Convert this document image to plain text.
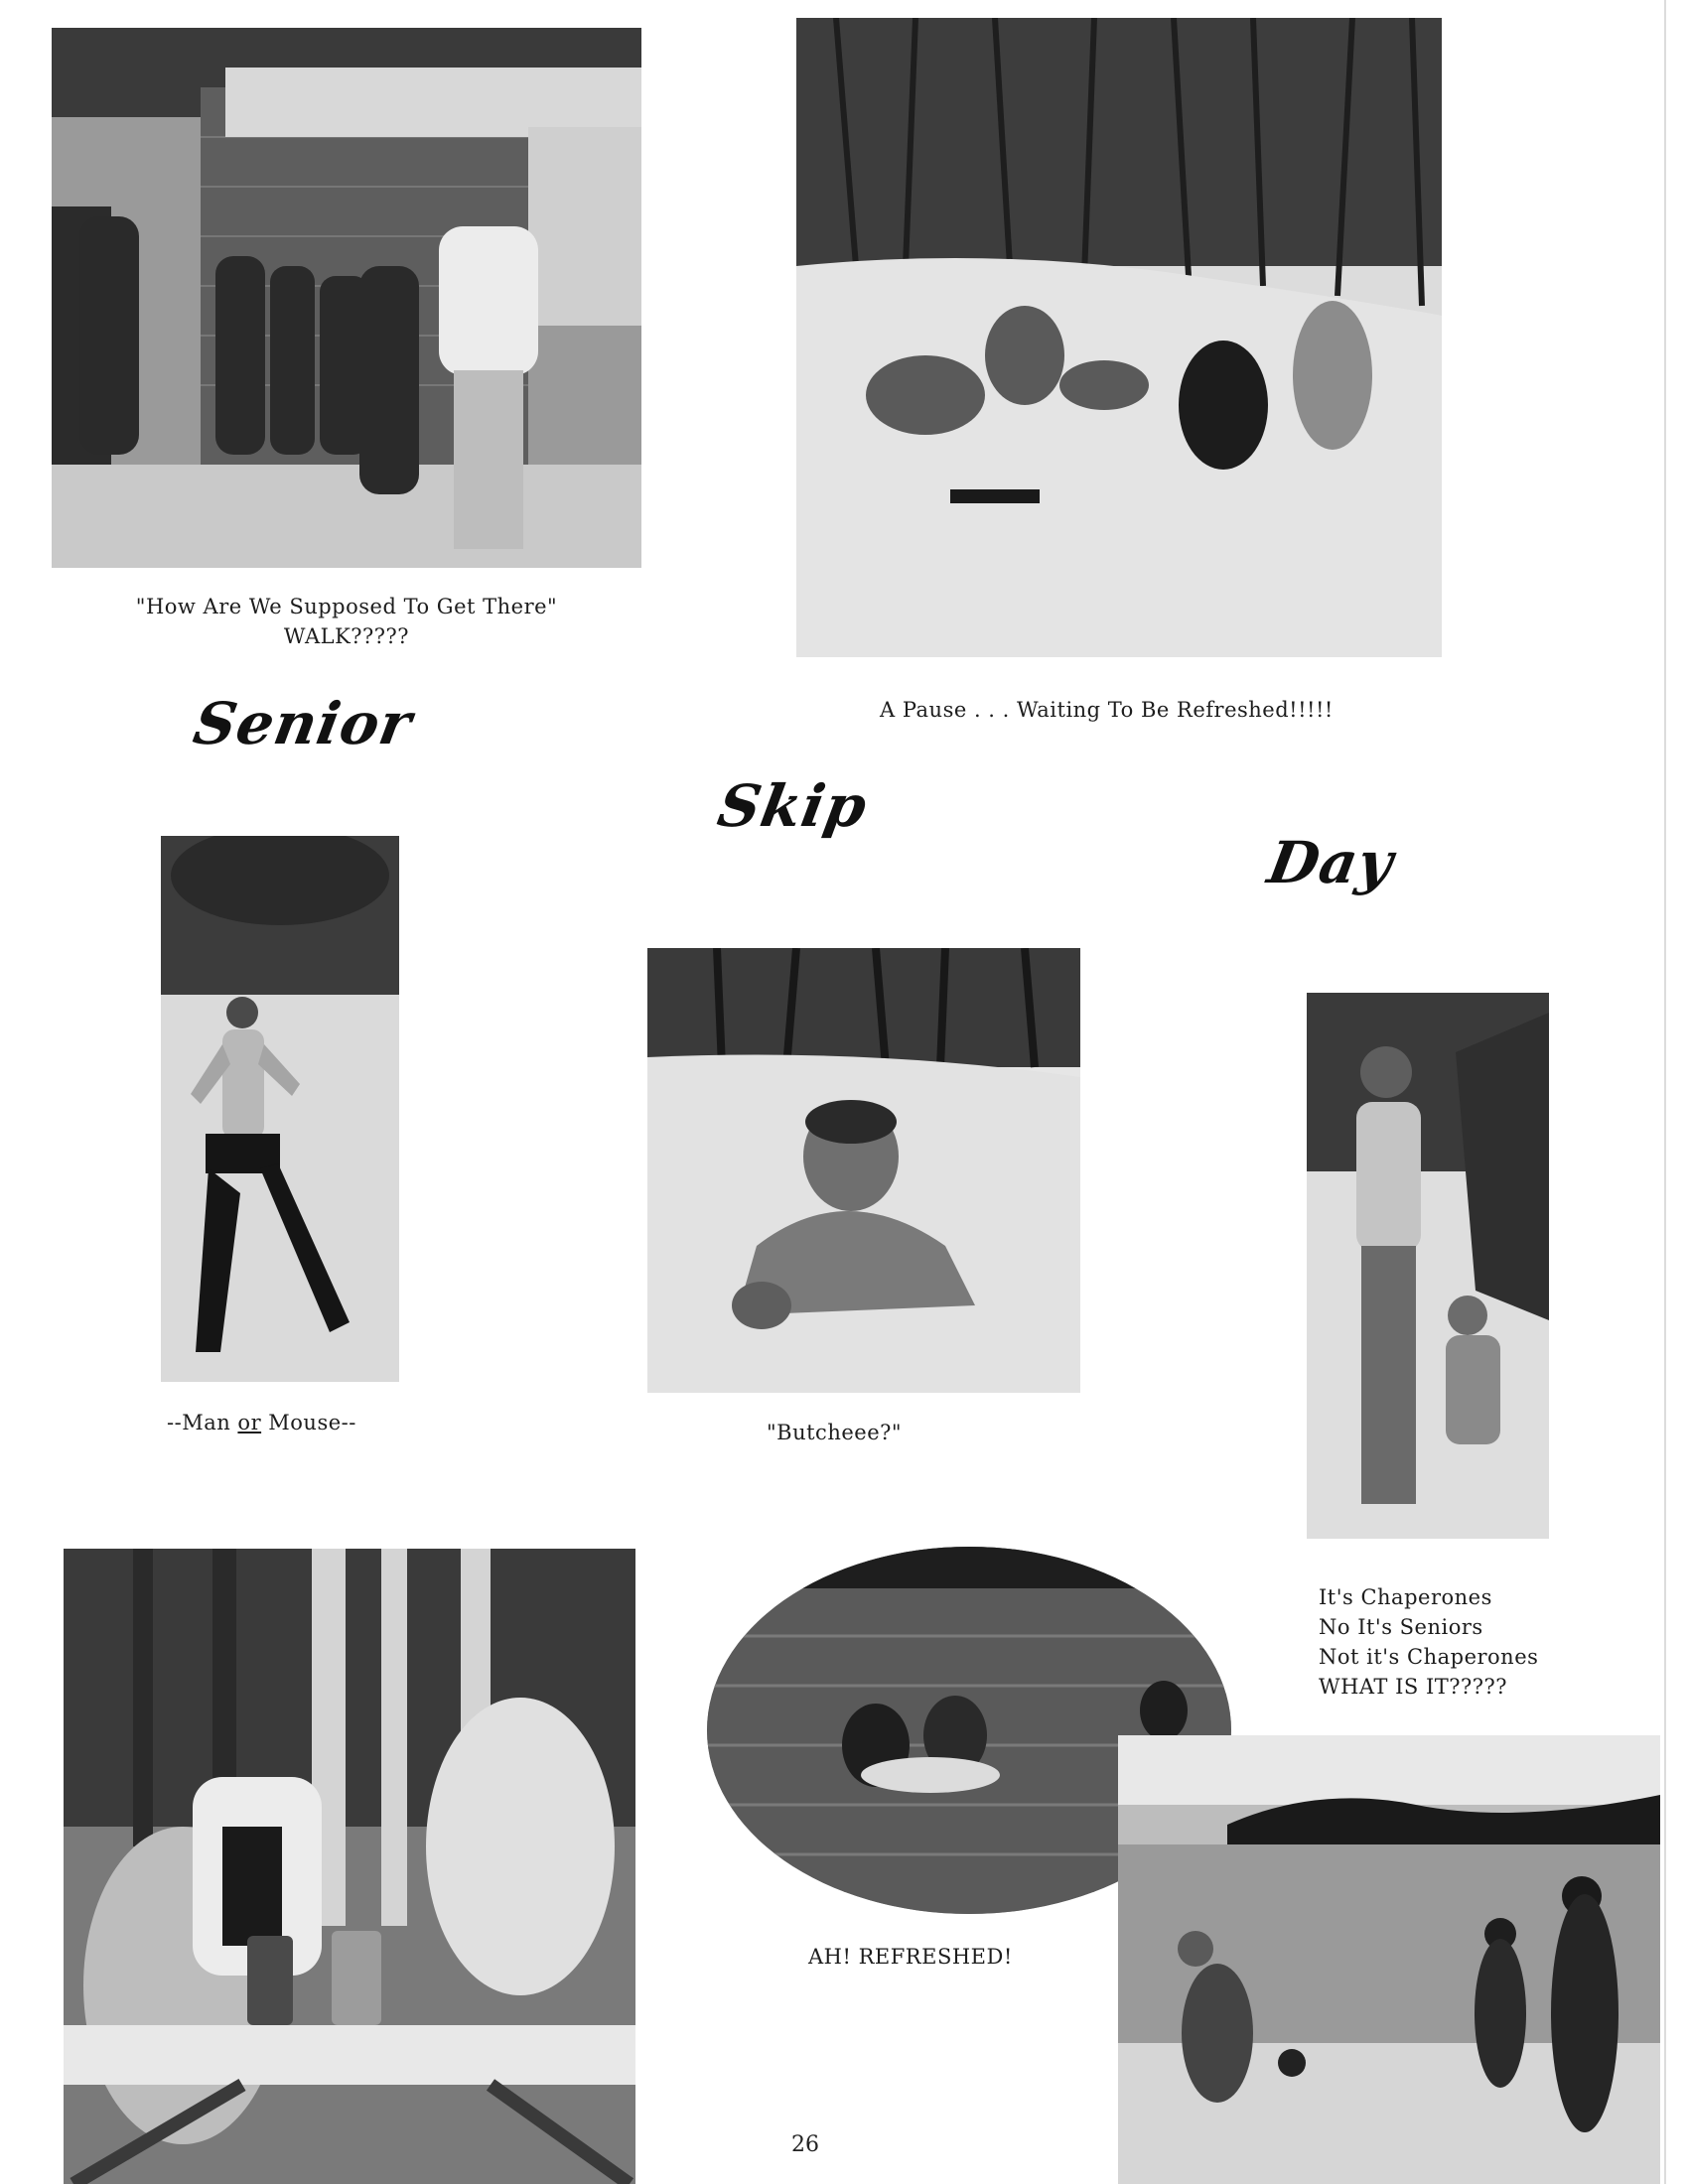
"How Are We Supposed To Get There"
WALK?????
A Pause . . . Waiting To Be Refreshed!!!!!
Senior
Skip
Day
--Man or Mouse--	"Butcheee?"
It's Chaperones
No It's Seniors
Not it's Chaperones
WHAT IS IT?????
AH! REFRESHED!
26
